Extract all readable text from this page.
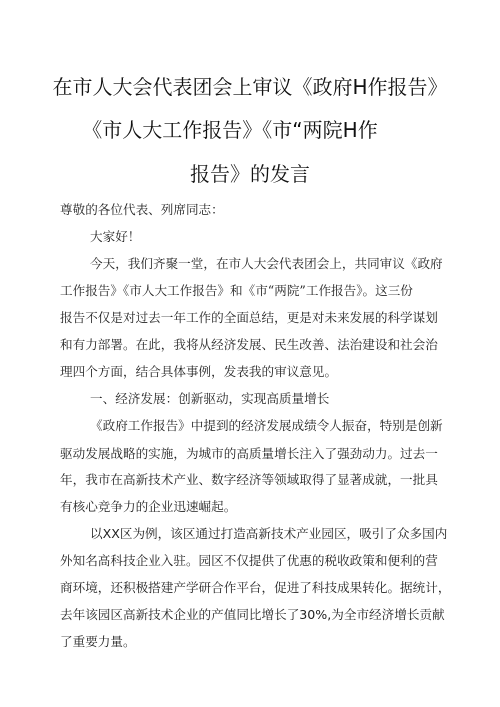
在市人大会代表团会上审议《政府H作报告》
《市人大工作报告》《市“两院H作
报告》的发言
尊敬的各位代表、列席同志：
大家好！
今天，我们齐聚一堂，在市人大会代表团会上，共同审议《政府
工作报告》《市人大工作报告》和《市“两院”工作报告》。这三份
报告不仅是对过去一年工作的全面总结，更是对未来发展的科学谋划
和有力部署。在此，我将从经济发展、民生改善、法治建设和社会治
理四个方面，结合具体事例，发表我的审议意见。
一、经济发展：创新驱动，实现高质量增长
《政府工作报告》中提到的经济发展成绩令人振奋，特别是创新
驱动发展战略的实施，为城市的高质量增长注入了强劲动力。过去一
年，我市在高新技术产业、数字经济等领域取得了显著成就，一批具
有核心竞争力的企业迅速崛起。
以XX区为例，该区通过打造高新技术产业园区，吸引了众多国内
外知名高科技企业入驻。园区不仅提供了优惠的税收政策和便利的营
商环境，还积极搭建产学研合作平台，促进了科技成果转化。据统计，
去年该园区高新技术企业的产值同比增长了30%,为全市经济增长贡献
了重要力量。
